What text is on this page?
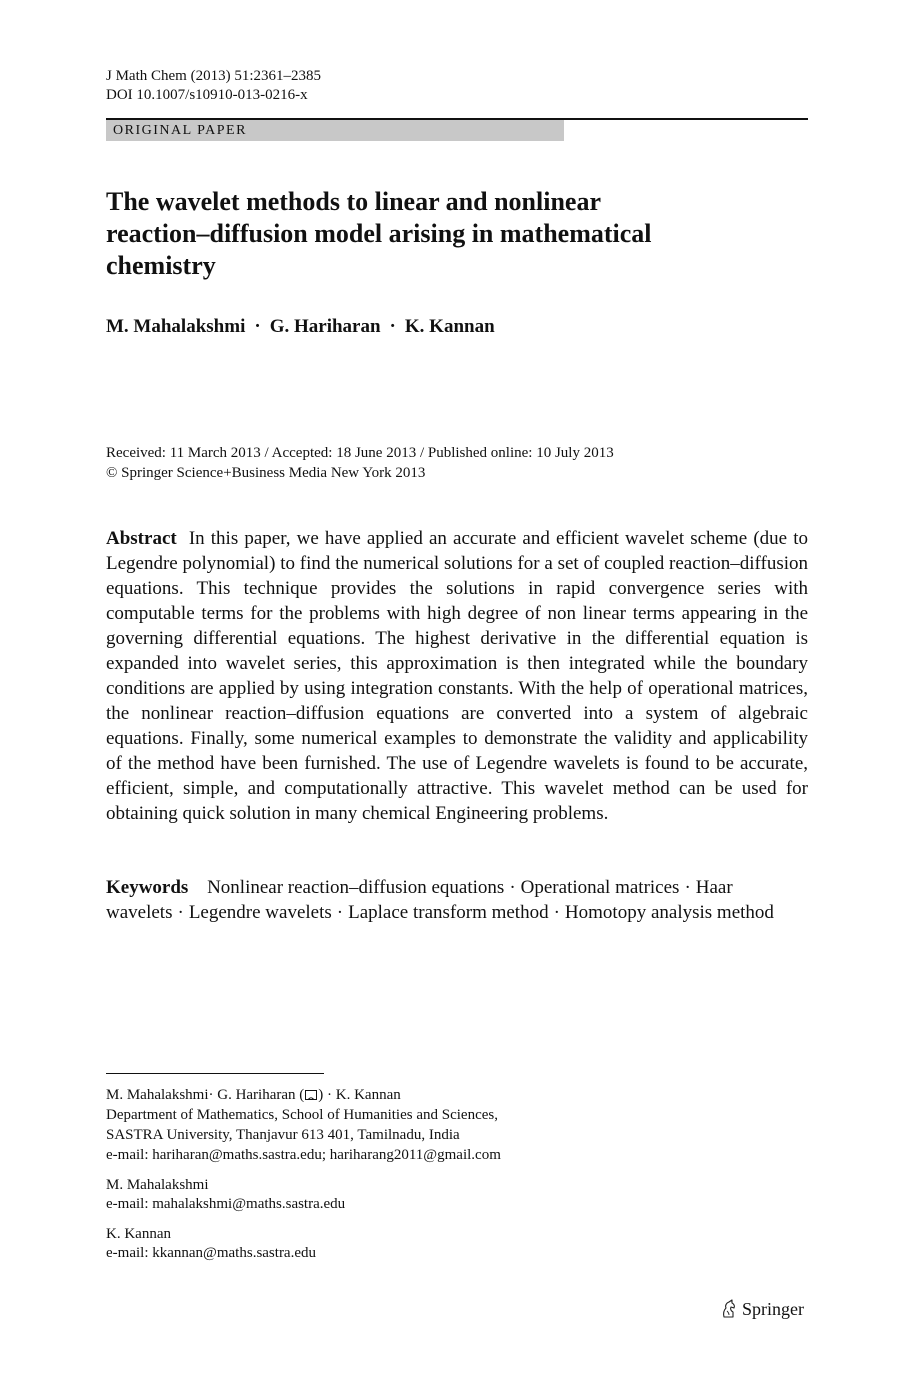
J Math Chem (2013) 51:2361–2385
DOI 10.1007/s10910-013-0216-x
ORIGINAL PAPER
The wavelet methods to linear and nonlinear
reaction–diffusion model arising in mathematical
chemistry
M. Mahalakshmi · G. Hariharan · K. Kannan
Received: 11 March 2013 / Accepted: 18 June 2013 / Published online: 10 July 2013
© Springer Science+Business Media New York 2013
Abstract In this paper, we have applied an accurate and efficient wavelet scheme (due to Legendre polynomial) to find the numerical solutions for a set of coupled reaction–diffusion equations. This technique provides the solutions in rapid convergence series with computable terms for the problems with high degree of non linear terms appearing in the governing differential equations. The highest derivative in the differential equation is expanded into wavelet series, this approximation is then integrated while the boundary conditions are applied by using integration constants. With the help of operational matrices, the nonlinear reaction–diffusion equations are converted into a system of algebraic equations. Finally, some numerical examples to demonstrate the validity and applicability of the method have been furnished. The use of Legendre wavelets is found to be accurate, efficient, simple, and computationally attractive. This wavelet method can be used for obtaining quick solution in many chemical Engineering problems.
Keywords Nonlinear reaction–diffusion equations · Operational matrices · Haar wavelets · Legendre wavelets · Laplace transform method · Homotopy analysis method
M. Mahalakshmi· G. Hariharan ( ) · K. Kannan
Department of Mathematics, School of Humanities and Sciences,
SASTRA University, Thanjavur 613 401, Tamilnadu, India
e-mail: hariharan@maths.sastra.edu; hariharang2011@gmail.com
M. Mahalakshmi
e-mail: mahalakshmi@maths.sastra.edu
K. Kannan
e-mail: kkannan@maths.sastra.edu
Springer
